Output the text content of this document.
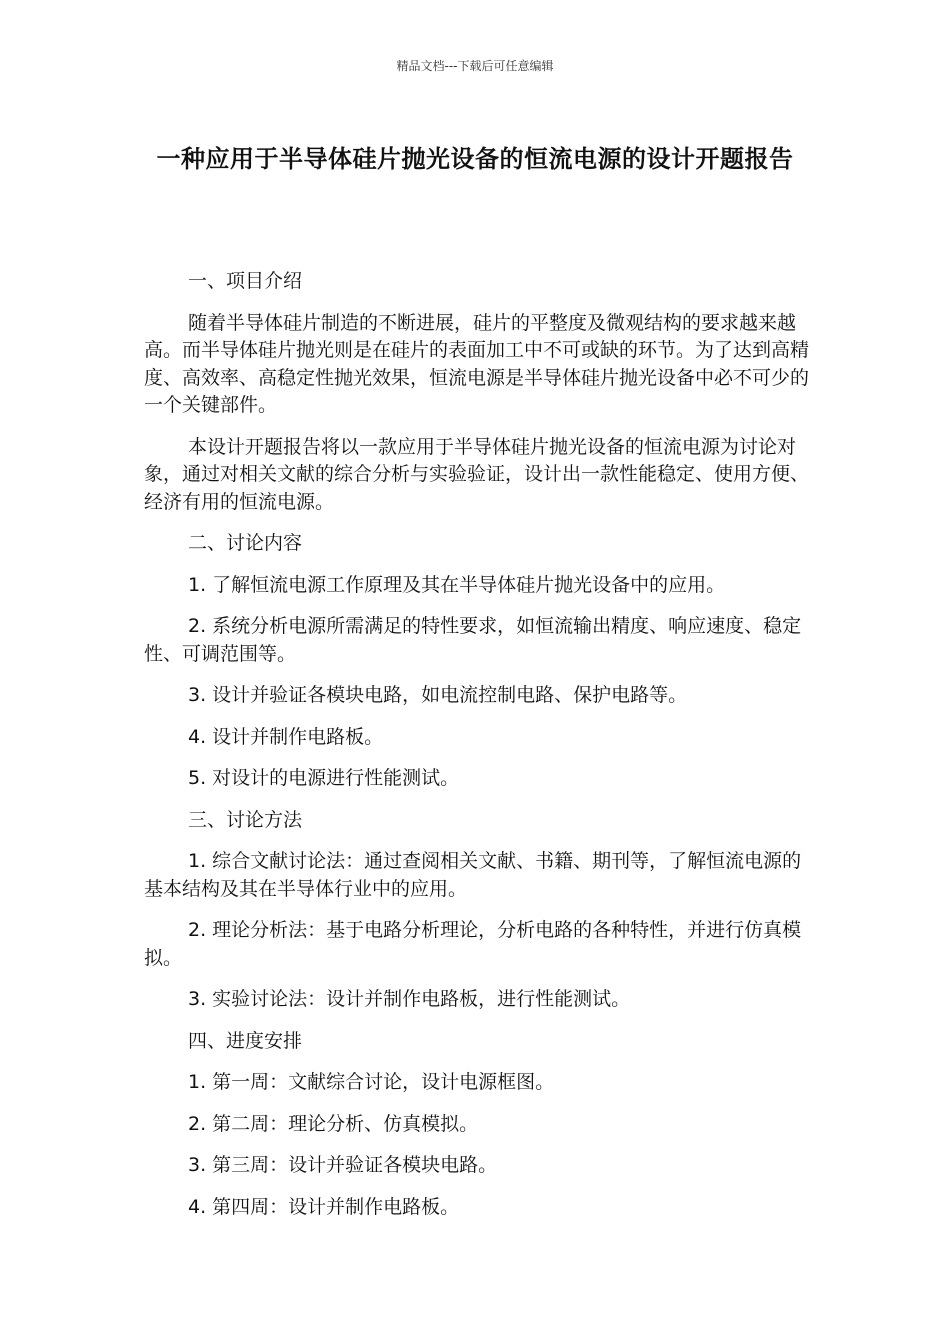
精品文档---下载后可任意编辑
一种应用于半导体硅片抛光设备的恒流电源的设计开题报告

一、项目介绍

随着半导体硅片制造的不断进展，硅片的平整度及微观结构的要求越来越高。而半导体硅片抛光则是在硅片的表面加工中不可或缺的环节。为了达到高精度、高效率、高稳定性抛光效果，恒流电源是半导体硅片抛光设备中必不可少的一个关键部件。

本设计开题报告将以一款应用于半导体硅片抛光设备的恒流电源为讨论对象，通过对相关文献的综合分析与实验验证，设计出一款性能稳定、使用方便、经济有用的恒流电源。

二、讨论内容

1. 了解恒流电源工作原理及其在半导体硅片抛光设备中的应用。

2. 系统分析电源所需满足的特性要求，如恒流输出精度、响应速度、稳定性、可调范围等。

3. 设计并验证各模块电路，如电流控制电路、保护电路等。

4. 设计并制作电路板。

5. 对设计的电源进行性能测试。

三、讨论方法

1. 综合文献讨论法：通过查阅相关文献、书籍、期刊等，了解恒流电源的基本结构及其在半导体行业中的应用。

2. 理论分析法：基于电路分析理论，分析电路的各种特性，并进行仿真模拟。

3. 实验讨论法：设计并制作电路板，进行性能测试。

四、进度安排

1. 第一周：文献综合讨论，设计电源框图。

2. 第二周：理论分析、仿真模拟。

3. 第三周：设计并验证各模块电路。

4. 第四周：设计并制作电路板。
